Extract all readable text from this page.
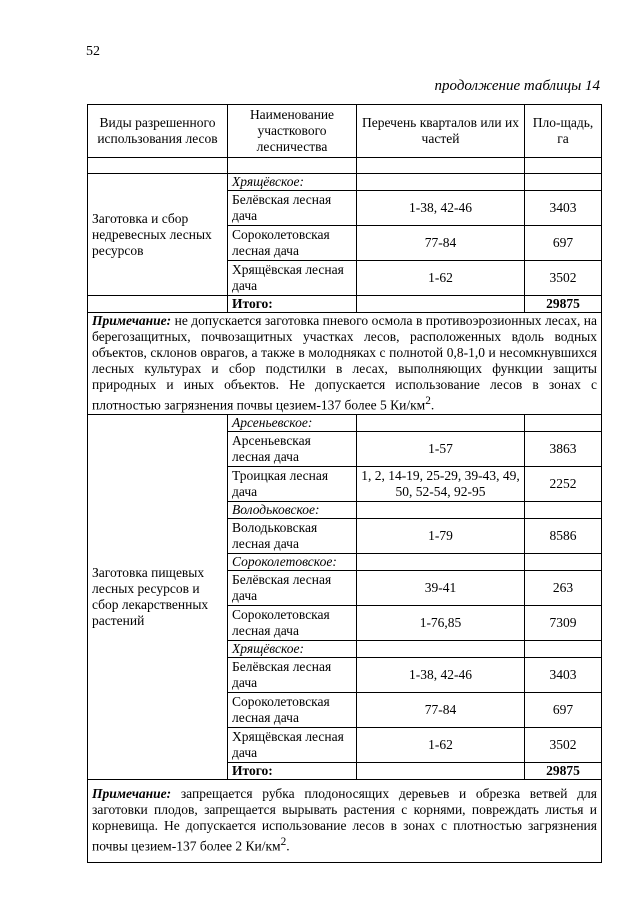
52
продолжение таблицы 14
Виды разрешенного использования лесов	Наименование участкового лесничества	Перечень кварталов или их частей	Пло-щадь, га

Заготовка и сбор недревесных лесных ресурсов	Хрящёвское:		
	Белёвская лесная дача	1-38, 42-46	3403
	Сороколетовская лесная дача	77-84	697
	Хрящёвская лесная дача	1-62	3502
	Итого:		29875
Примечание: не допускается заготовка пневого осмола в противоэрозионных лесах, на берегозащитных, почвозащитных участках лесов, расположенных вдоль водных объектов, склонов оврагов, а также в молодняках с полнотой 0,8-1,0 и несомкнувшихся лесных культурах и сбор подстилки в лесах, выполняющих функции защиты природных и иных объектов. Не допускается использование лесов в зонах с плотностью загрязнения почвы цезием-137 более 5 $Ки/км^2$.			
Заготовка пищевых лесных ресурсов и сбор лекарственных растений	Арсеньевское:		
	Арсеньевская лесная дача	1-57	3863
	Троицкая лесная дача	1, 2, 14-19, 25-29, 39-43, 49, 50, 52-54, 92-95	2252
	Володьковское:		
	Володьковская лесная дача	1-79	8586
	Сороколетовское:		
	Белёвская лесная дача	39-41	263
	Сороколетовская лесная дача	1-76,85	7309
	Хрящёвское:		
	Белёвская лесная дача	1-38, 42-46	3403
	Сороколетовская лесная дача	77-84	697
	Хрящёвская лесная дача	1-62	3502
	Итого:		29875
Примечание: запрещается рубка плодоносящих деревьев и обрезка ветвей для заготовки плодов, запрещается вырывать растения с корнями, повреждать листья и корневища. Не допускается использование лесов в зонах с плотностью загрязнения почвы цезием-137 более 2 $Ки/км^2$.			
